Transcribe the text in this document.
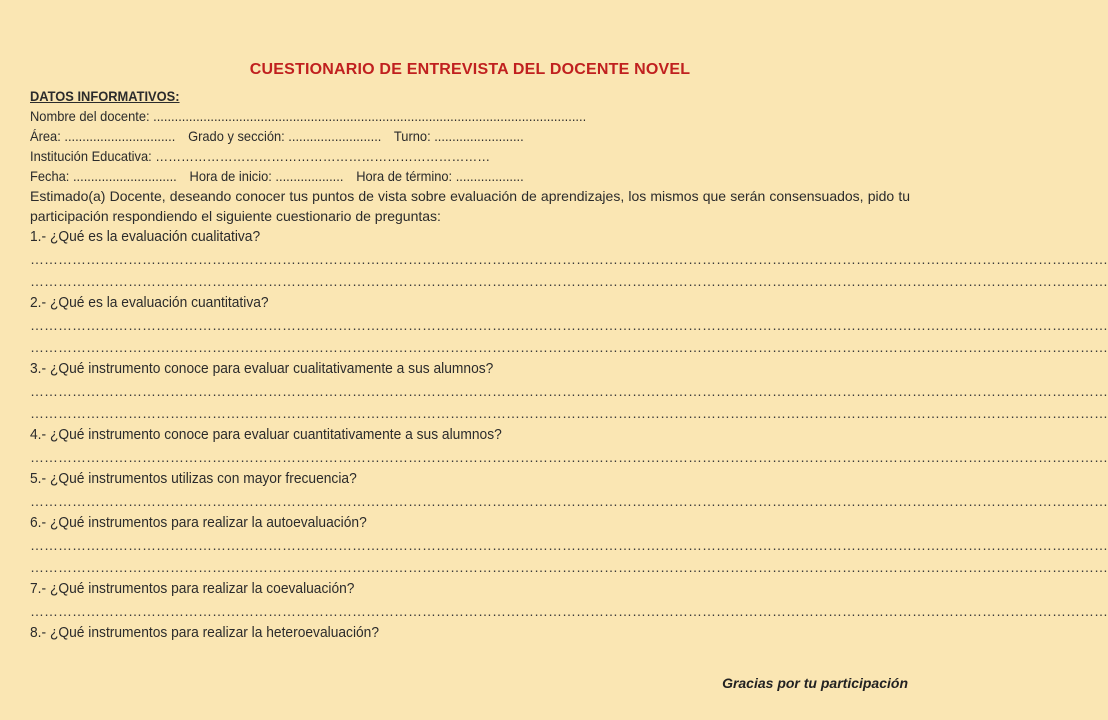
CUESTIONARIO DE ENTREVISTA DEL DOCENTE NOVEL
DATOS INFORMATIVOS:
Nombre del docente: .........................................................................................................................
Área: ............................... Grado y sección: .......................... Turno: .........................
Institución Educativa: ……………………………………………………………………
Fecha: ............................. Hora de inicio: ................... Hora de término: ...................

Estimado(a) Docente, deseando conocer tus puntos de vista sobre evaluación de aprendizajes, los mismos que serán consensuados, pido tu participación respondiendo el siguiente cuestionario de preguntas:

1.- ¿Qué es la evaluación cualitativa?
……………………………………………………………………………………………………………………………………………………………………………………………………………
……………………………………………………………………………………………………………………………………………………………………………………………………………
2.- ¿Qué es la evaluación cuantitativa?
……………………………………………………………………………………………………………………………………………………………………………………………………………
……………………………………………………………………………………………………………………………………………………………………………………………………………
3.- ¿Qué instrumento conoce para evaluar cualitativamente a sus alumnos?
……………………………………………………………………………………………………………………………………………………………………………………………………………
……………………………………………………………………………………………………………………………………………………………………………………………………………
4.- ¿Qué instrumento conoce para evaluar cuantitativamente a sus alumnos?
……………………………………………………………………………………………………………………………………………………………………………………………………………
5.- ¿Qué instrumentos utilizas con mayor frecuencia?
……………………………………………………………………………………………………………………………………………………………………………………………………………
6.- ¿Qué instrumentos para realizar la autoevaluación?
……………………………………………………………………………………………………………………………………………………………………………………………………………
……………………………………………………………………………………………………………………………………………………………………………………………………………
7.- ¿Qué instrumentos para realizar la coevaluación?
……………………………………………………………………………………………………………………………………………………………………………………………………………
8.- ¿Qué instrumentos para realizar la heteroevaluación?
Gracias por tu participación
